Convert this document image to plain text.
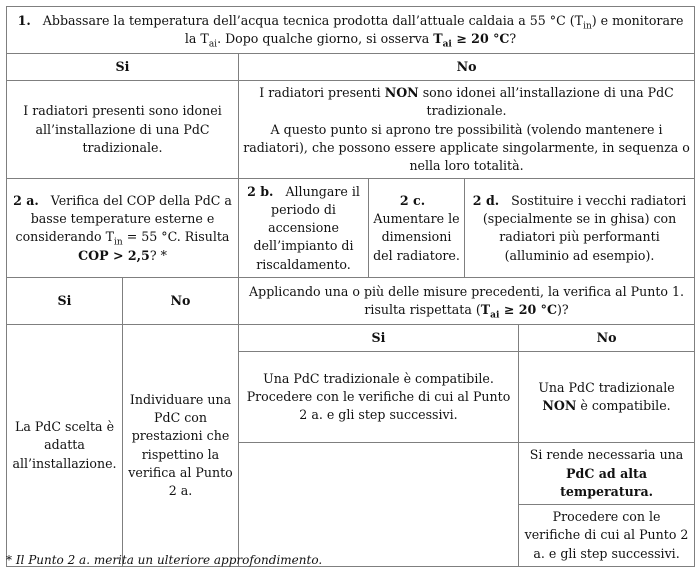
1. Abbassare la temperatura dell’acqua tecnica prodotta dall’attuale caldaia a 55 °C $(T_{in})$ e monitorare la $T_{ai}$. Dopo qualche giorno, si osserva $T_{ai} \ge 20$ °C?					
Si		No			
I radiatori presenti sono idonei all’installazione di una PdC tradizionale.		I radiatori presenti NON sono idonei all’installazione di una PdC tradizionale.
A questo punto si aprono tre possibilità (volendo mantenere i radiatori), che possono essere applicate singolarmente, in sequenza o nella loro totalità.			
2 a. Verifica del COP della PdC a basse temperature esterne e considerando $T_{in} = 55$ °C. Risulta COP > 2,5? *		2 b. Allungare il periodo di accensione dell’impianto di riscaldamento.	2 c.   Aumentare le dimensioni del radiatore.	2 d. Sostituire i vecchi radiatori (specialmente se in ghisa) con radiatori più performanti (alluminio ad esempio).	
Si	No	Applicando una o più delle misure precedenti, la verifica al Punto 1. risulta rispettata ($T_{ai} \ge 20$ °C)?			
La PdC scelta è adatta all’installazione.	Individuare una PdC con prestazioni che rispettino la verifica al Punto 2 a.	Si			No
		Una PdC tradizionale è compatibile. Procedere con le verifiche di cui al Punto 2 a. e gli step successivi.			Una PdC tradizionale NON è compatibile.
					Si rende necessaria una PdC ad alta temperatura.
					Procedere con le verifiche di cui al Punto 2 a. e gli step successivi.
* Il Punto 2 a. merita un ulteriore approfondimento.
